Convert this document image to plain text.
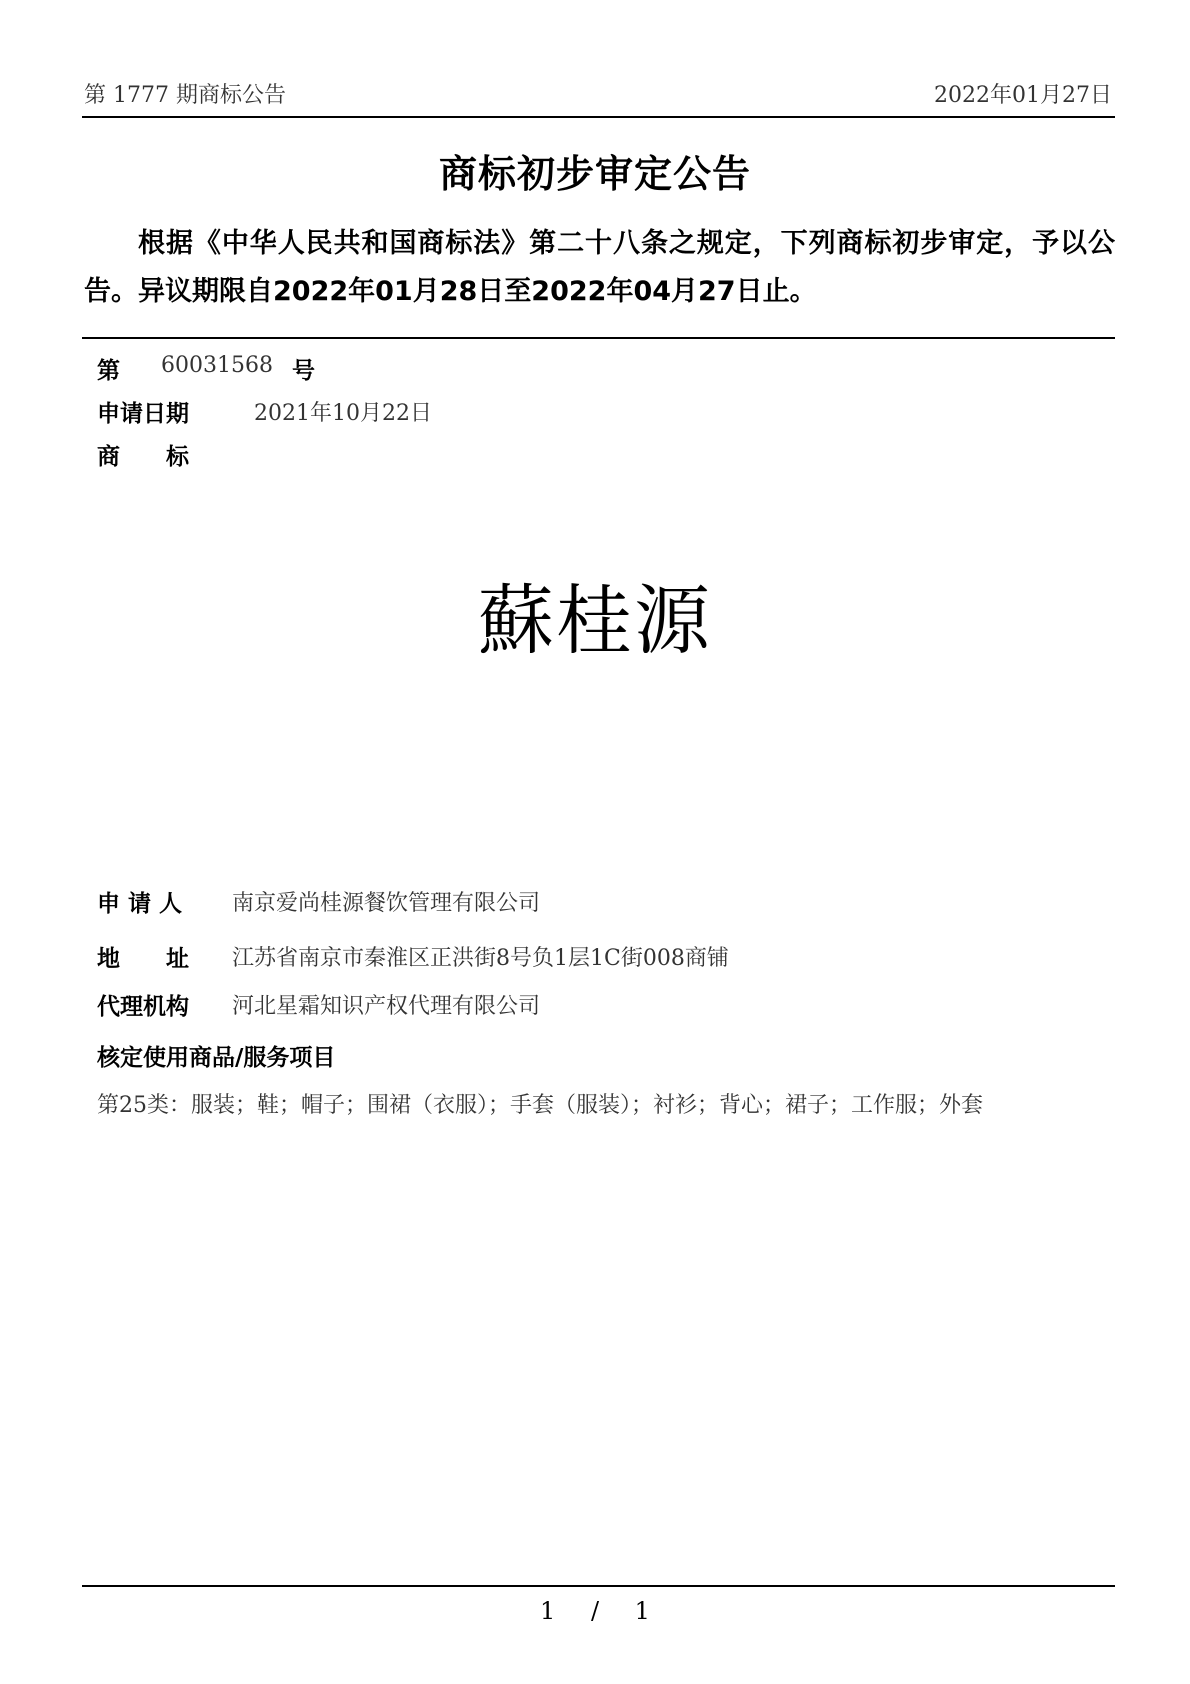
第 1777 期商标公告	2022年01月27日
商标初步审定公告
根据《中华人民共和国商标法》第二十八条之规定，下列商标初步审定，予以公告。异议期限自2022年01月28日至2022年04月27日止。
第 60031568 号
申请日期	2021年10月22日
商　　标
蘇桂源
申 请 人 南京爱尚桂源餐饮管理有限公司
地　　址 江苏省南京市秦淮区正洪街8号负1层1C街008商铺
代理机构 河北星霜知识产权代理有限公司
核定使用商品/服务项目
第25类：服装；鞋；帽子；围裙（衣服）；手套（服装）；衬衫；背心；裙子；工作服；外套
1 / 1
